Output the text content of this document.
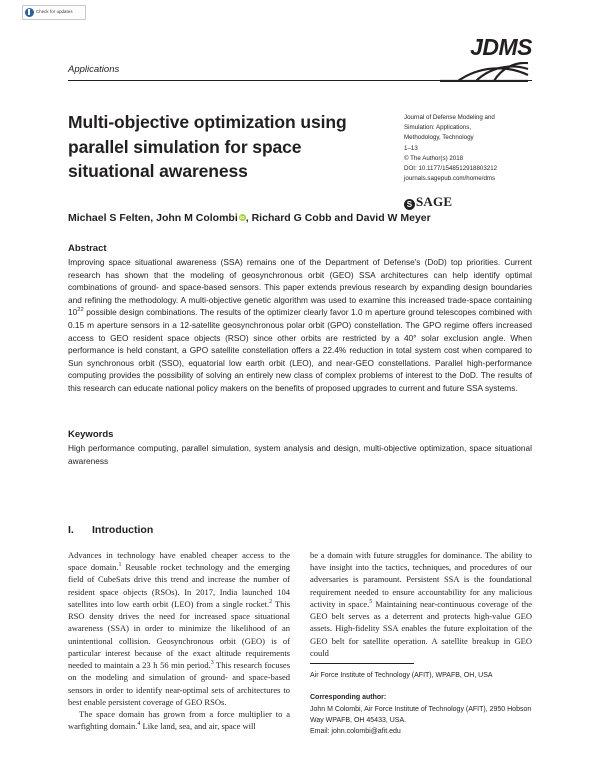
Check for updates
Applications
JDMS
Journal of Defense Modeling and
Simulation: Applications,
Methodology, Technology
1–13
© The Author(s) 2018
DOI: 10.1177/1548512918803212
journals.sagepub.com/home/dms
S SAGE
Multi-objective optimization using parallel simulation for space situational awareness
Michael S Felten, John M Colombi iD , Richard G Cobb and David W Meyer
Abstract
Improving space situational awareness (SSA) remains one of the Department of Defense's (DoD) top priorities. Current research has shown that the modeling of geosynchronous orbit (GEO) SSA architectures can help identify optimal combinations of ground- and space-based sensors. This paper extends previous research by expanding design boundaries and refining the methodology. A multi-objective genetic algorithm was used to examine this increased trade-space containing $10^{22}$ possible design combinations. The results of the optimizer clearly favor 1.0 m aperture ground telescopes combined with 0.15 m aperture sensors in a 12-satellite geosynchronous polar orbit (GPO) constellation. The GPO regime offers increased access to GEO resident space objects (RSO) since other orbits are restricted by a 40° solar exclusion angle. When performance is held constant, a GPO satellite constellation offers a 22.4% reduction in total system cost when compared to Sun synchronous orbit (SSO), equatorial low earth orbit (LEO), and near-GEO constellations. Parallel high-performance computing provides the possibility of solving an entirely new class of complex problems of interest to the DoD. The results of this research can educate national policy makers on the benefits of proposed upgrades to current and future SSA systems.
Keywords
High performance computing, parallel simulation, system analysis and design, multi-objective optimization, space situational awareness
I. Introduction

Advances in technology have enabled cheaper access to the space domain.$^1$ Reusable rocket technology and the emerging field of CubeSats drive this trend and increase the number of resident space objects (RSOs). In 2017, India launched 104 satellites into low earth orbit (LEO) from a single rocket.$^2$ This RSO density drives the need for increased space situational awareness (SSA) in order to minimize the likelihood of an unintentional collision. Geosynchronous orbit (GEO) is of particular interest because of the exact altitude requirements needed to maintain a 23 h 56 min period.$^3$ This research focuses on the modeling and simulation of ground- and space-based sensors in order to identify near-optimal sets of architectures to best enable persistent coverage of GEO RSOs.

The space domain has grown from a force multiplier to a warfighting domain.$^4$ Like land, sea, and air, space will

be a domain with future struggles for dominance. The ability to have insight into the tactics, techniques, and procedures of our adversaries is paramount. Persistent SSA is the foundational requirement needed to ensure accountability for any malicious activity in space.$^5$ Maintaining near-continuous coverage of the GEO belt serves as a deterrent and protects high-value GEO assets. High-fidelity SSA enables the future exploitation of the GEO belt for satellite operation. A satellite breakup in GEO could

Air Force Institute of Technology (AFIT), WPAFB, OH, USA
Corresponding author:
John M Colombi, Air Force Institute of Technology (AFIT), 2950 Hobson Way WPAFB, OH 45433, USA.
Email: john.colombi@afit.edu
